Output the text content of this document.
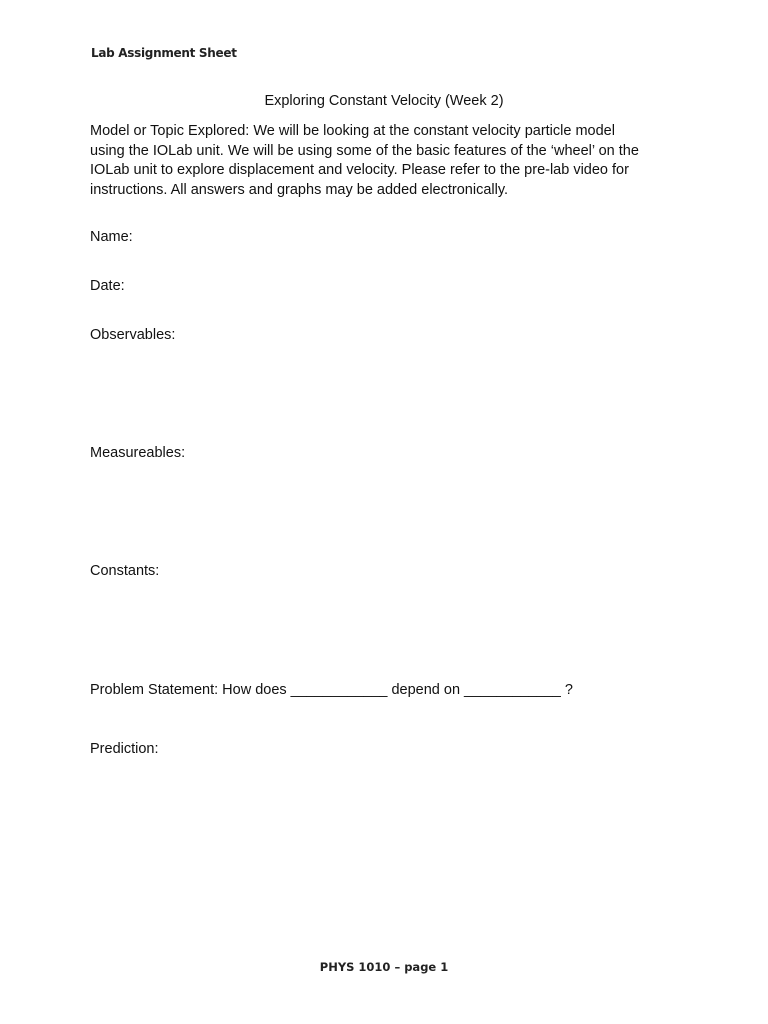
Lab Assignment Sheet
Exploring Constant Velocity (Week 2)
Model or Topic Explored: We will be looking at the constant velocity particle model
using the IOLab unit. We will be using some of the basic features of the ‘wheel’ on the
IOLab unit to explore displacement and velocity. Please refer to the pre-lab video for
instructions. All answers and graphs may be added electronically.
Name:
Date:
Observables:
Measureables:
Constants:
Problem Statement: How does ____________ depend on ____________ ?
Prediction:
PHYS 1010 – page 1
